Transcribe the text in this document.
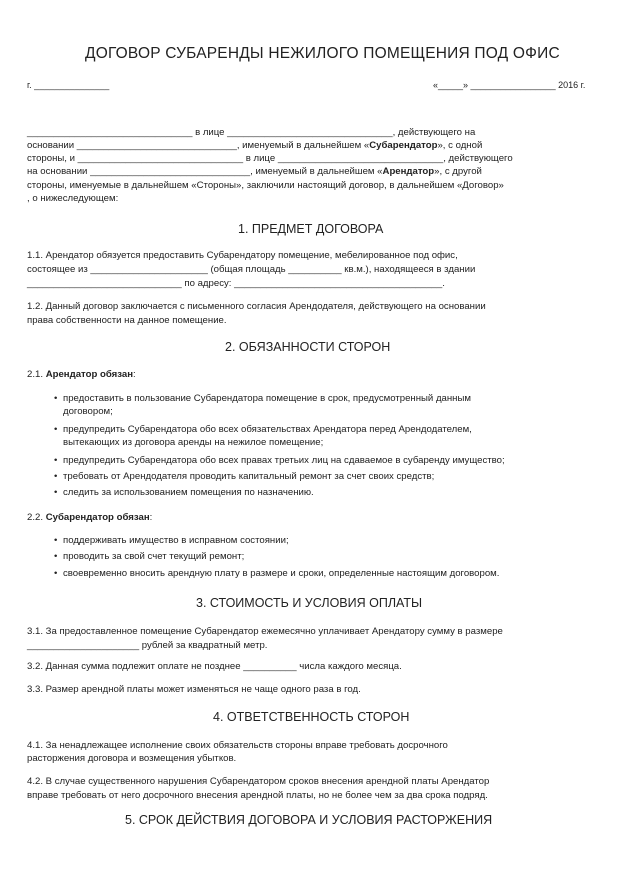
ДОГОВОР СУБАРЕНДЫ НЕЖИЛОГО ПОМЕЩЕНИЯ ПОД ОФИС
г. _______________	«_____» _________________ 2016 г.
_______________________________ в лице _______________________________, действующего на
основании ______________________________, именуемый в дальнейшем «Субарендатор», с одной
стороны, и _______________________________ в лице _______________________________, действующего
на основании ______________________________, именуемый в дальнейшем «Арендатор», с другой
стороны, именуемые в дальнейшем «Стороны», заключили настоящий договор, в дальнейшем «Договор»
, о нижеследующем:
1. ПРЕДМЕТ ДОГОВОРА
1.1. Арендатор обязуется предоставить Субарендатору помещение, мебелированное под офис,
состоящее из ______________________ (общая площадь __________ кв.м.), находящееся в здании
_____________________________ по адресу: _______________________________________.
1.2. Данный договор заключается с письменного согласия Арендодателя, действующего на основании
права собственности на данное помещение.
2. ОБЯЗАННОСТИ СТОРОН
2.1. Арендатор обязан:
• предоставить в пользование Субарендатора помещение в срок, предусмотренный данным
договором;
• предупредить Субарендатора обо всех обязательствах Арендатора перед Арендодателем,
вытекающих из договора аренды на нежилое помещение;
• предупредить Субарендатора обо всех правах третьих лиц на сдаваемое в субаренду имущество;
• требовать от Арендодателя проводить капитальный ремонт за счет своих средств;
• следить за использованием помещения по назначению.
2.2. Субарендатор обязан:
• поддерживать имущество в исправном состоянии;
• проводить за свой счет текущий ремонт;
• своевременно вносить арендную плату в размере и сроки, определенные настоящим договором.
3. СТОИМОСТЬ И УСЛОВИЯ ОПЛАТЫ
3.1. За предоставленное помещение Субарендатор ежемесячно уплачивает Арендатору сумму в размере
_____________________ рублей за квадратный метр.
3.2. Данная сумма подлежит оплате не позднее __________ числа каждого месяца.
3.3. Размер арендной платы может изменяться не чаще одного раза в год.
4. ОТВЕТСТВЕННОСТЬ СТОРОН
4.1. За ненадлежащее исполнение своих обязательств стороны вправе требовать досрочного
расторжения договора и возмещения убытков.
4.2. В случае существенного нарушения Субарендатором сроков внесения арендной платы Арендатор
вправе требовать от него досрочного внесения арендной платы, но не более чем за два срока подряд.
5. СРОК ДЕЙСТВИЯ ДОГОВОРА И УСЛОВИЯ РАСТОРЖЕНИЯ
